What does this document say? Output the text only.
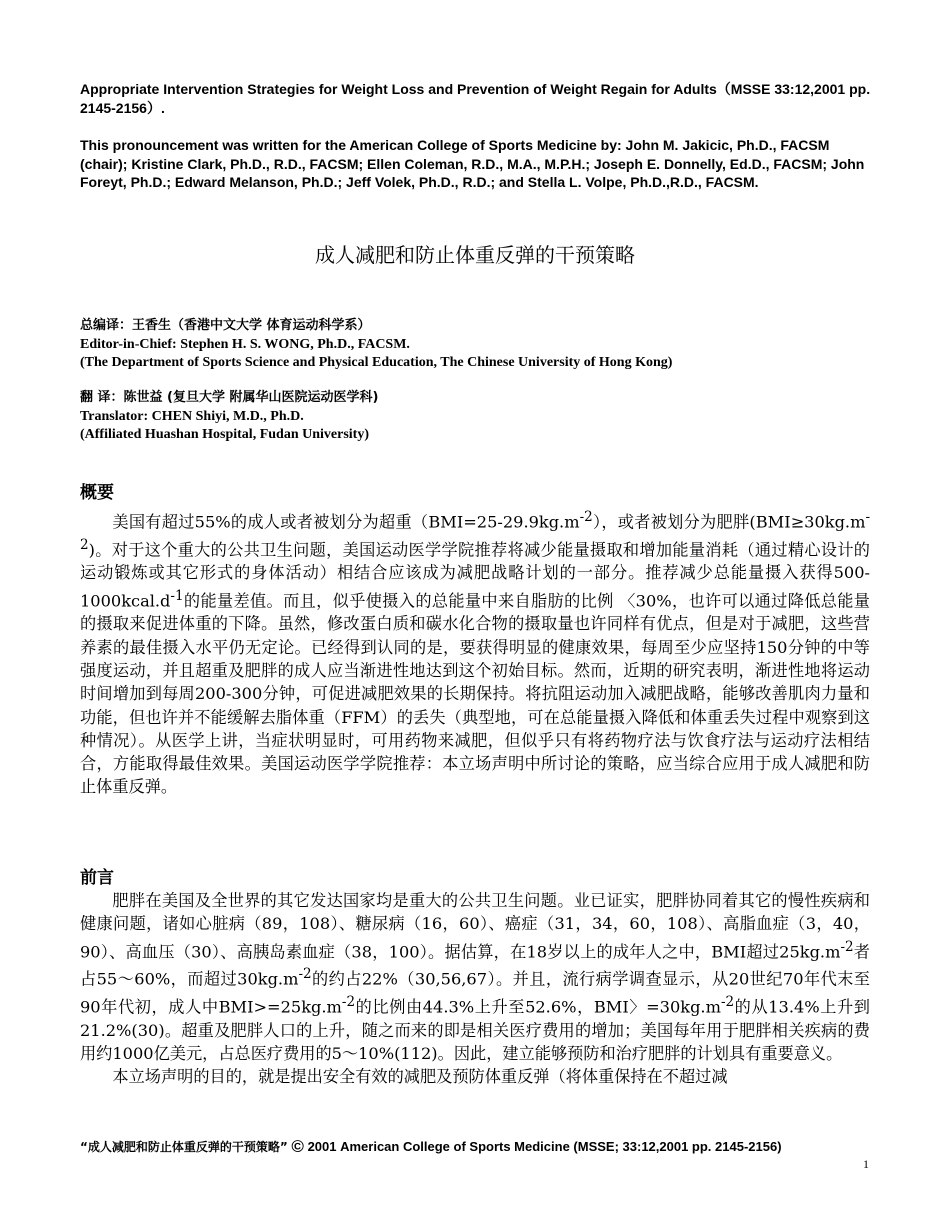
Appropriate Intervention Strategies for Weight Loss and Prevention of Weight Regain for Adults（MSSE 33:12,2001 pp. 2145-2156）.
This pronouncement was written for the American College of Sports Medicine by: John M. Jakicic, Ph.D., FACSM (chair); Kristine Clark, Ph.D., R.D., FACSM; Ellen Coleman, R.D., M.A., M.P.H.; Joseph E. Donnelly, Ed.D., FACSM; John Foreyt, Ph.D.; Edward Melanson, Ph.D.; Jeff Volek, Ph.D., R.D.; and Stella L. Volpe, Ph.D.,R.D., FACSM.
成人减肥和防止体重反弹的干预策略
总编译：王香生（香港中文大学 体育运动科学系）
Editor-in-Chief: Stephen H. S. WONG, Ph.D., FACSM.
(The Department of Sports Science and Physical Education, The Chinese University of Hong Kong)
翻 译：陈世益 (复旦大学 附属华山医院运动医学科)
Translator: CHEN Shiyi, M.D., Ph.D.
(Affiliated Huashan Hospital, Fudan University)
概要

美国有超过55%的成人或者被划分为超重$(BMI=25-29.9kg.m^{-2})$，或者被划分为肥胖$(BMI\ge 30kg.m^{-2})$。对于这个重大的公共卫生问题，美国运动医学学院推荐将减少能量摄取和增加能量消耗（通过精心设计的运动锻炼或其它形式的身体活动）相结合应该成为减肥战略计划的一部分。推荐减少总能量摄入获得$500-1000kcal.d^{-1}$的能量差值。而且，似乎使摄入的总能量中来自脂肪的比例 〈30%，也许可以通过降低总能量的摄取来促进体重的下降。虽然，修改蛋白质和碳水化合物的摄取量也许同样有优点，但是对于减肥，这些营养素的最佳摄入水平仍无定论。已经得到认同的是，要获得明显的健康效果，每周至少应坚持150分钟的中等强度运动，并且超重及肥胖的成人应当渐进性地达到这个初始目标。然而，近期的研究表明，渐进性地将运动时间增加到每周200-300分钟，可促进减肥效果的长期保持。将抗阻运动加入减肥战略，能够改善肌肉力量和功能，但也许并不能缓解去脂体重（FFM）的丢失（典型地，可在总能量摄入降低和体重丢失过程中观察到这种情况）。从医学上讲，当症状明显时，可用药物来减肥，但似乎只有将药物疗法与饮食疗法与运动疗法相结合，方能取得最佳效果。美国运动医学学院推荐：本立场声明中所讨论的策略，应当综合应用于成人减肥和防止体重反弹。

前言

肥胖在美国及全世界的其它发达国家均是重大的公共卫生问题。业已证实，肥胖协同着其它的慢性疾病和健康问题，诸如心脏病（89，108）、糖尿病（16，60）、癌症（31，34，60，108）、高脂血症（3，40，90）、高血压（30）、高胰岛素血症（38，100）。据估算，在18岁以上的成年人之中，BMI超过$25kg.m^{-2}$者占55～60%，而超过$30kg.m^{-2}$的约占22%（30,56,67）。并且，流行病学调查显示，从20世纪70年代末至90年代初，成人中$BMI>=25kg.m^{-2}$的比例由44.3%上升至52.6%，BMI〉$=30kg.m^{-2}$的从13.4%上升到21.2%(30)。超重及肥胖人口的上升，随之而来的即是相关医疗费用的增加；美国每年用于肥胖相关疾病的费用约1000亿美元，占总医疗费用的5～10%(112)。因此，建立能够预防和治疗肥胖的计划具有重要意义。

本立场声明的目的，就是提出安全有效的减肥及预防体重反弹（将体重保持在不超过减

“成人减肥和防止体重反弹的干预策略” © 2001 American College of Sports Medicine (MSSE; 33:12,2001 pp. 2145-2156)
1
